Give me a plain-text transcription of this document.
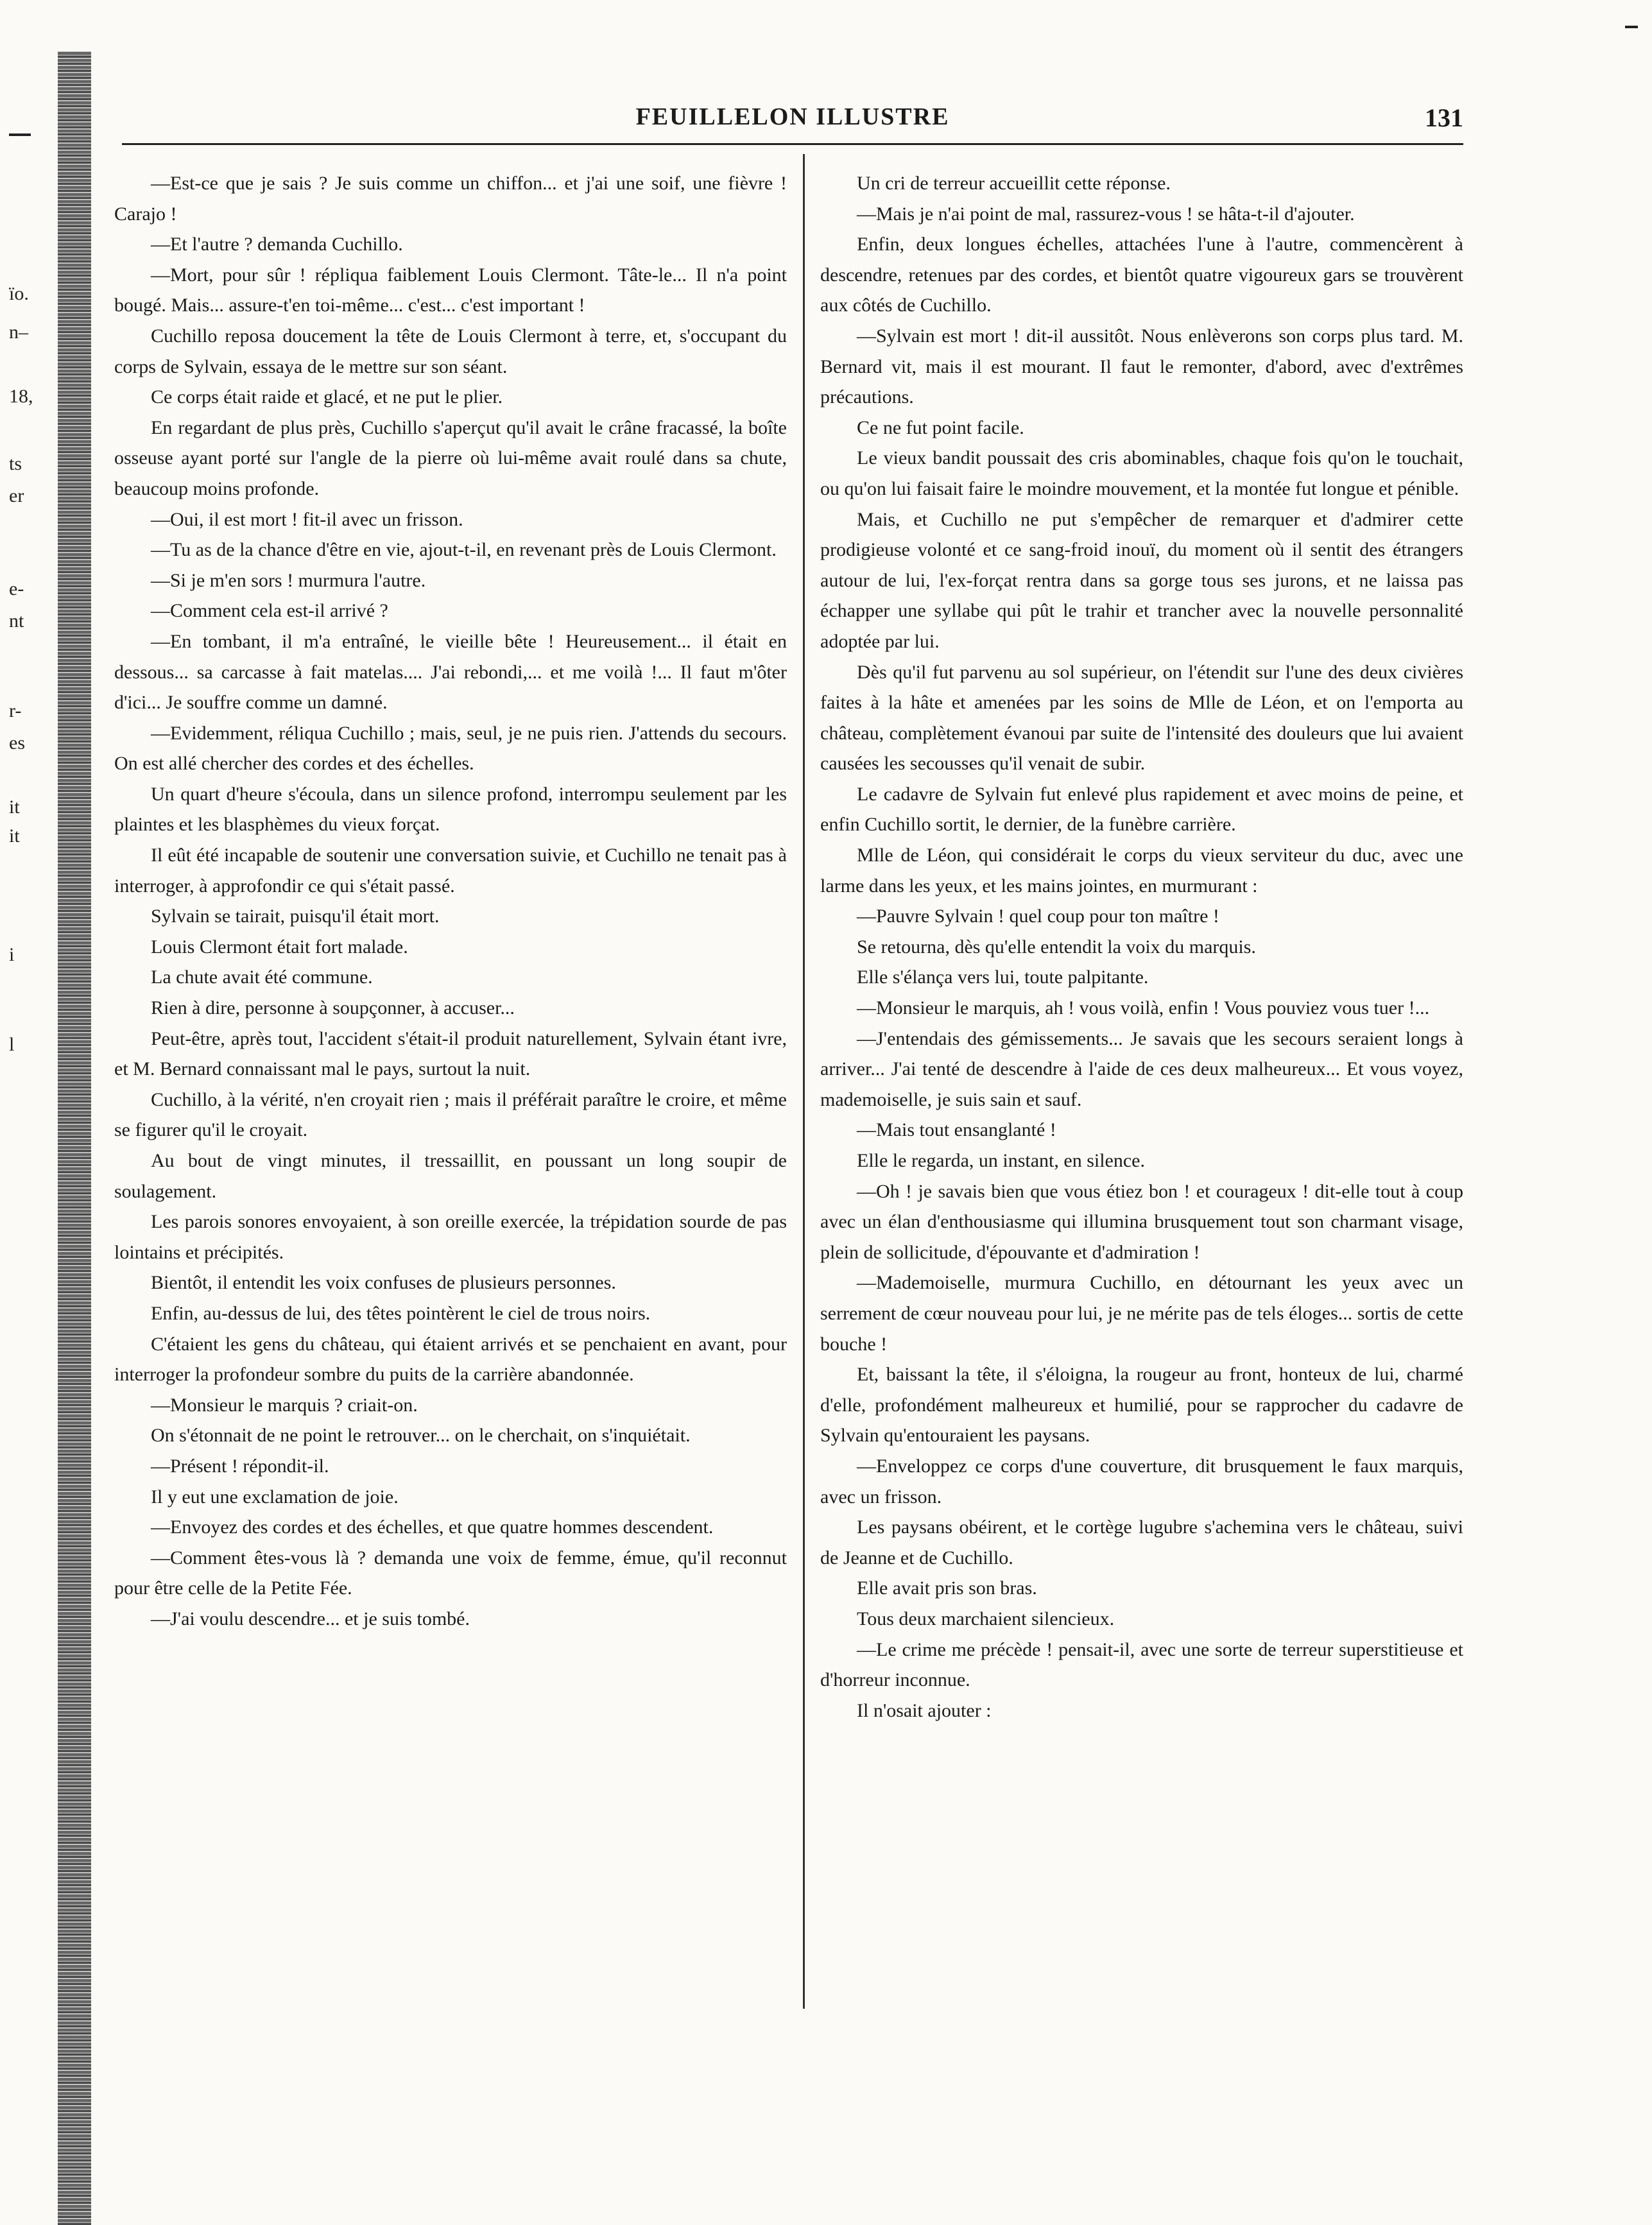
ïo.
n–
18,
ts
er
e-
nt
r-
es
it
it
i
l
FEUILLELON ILLUSTRE	131

—Est-ce que je sais ? Je suis comme un chiffon... et j'ai une soif, une fièvre ! Carajo !

—Et l'autre ? demanda Cuchillo.

—Mort, pour sûr ! répliqua faiblement Louis Clermont. Tâte-le... Il n'a point bougé. Mais... assure-t'en toi-même... c'est... c'est important !

Cuchillo reposa doucement la tête de Louis Clermont à terre, et, s'occupant du corps de Sylvain, essaya de le mettre sur son séant.

Ce corps était raide et glacé, et ne put le plier.

En regardant de plus près, Cuchillo s'aperçut qu'il avait le crâne fracassé, la boîte osseuse ayant porté sur l'angle de la pierre où lui-même avait roulé dans sa chute, beaucoup moins profonde.

—Oui, il est mort ! fit-il avec un frisson.

—Tu as de la chance d'être en vie, ajout-t-il, en revenant près de Louis Clermont.

—Si je m'en sors ! murmura l'autre.

—Comment cela est-il arrivé ?

—En tombant, il m'a entraîné, le vieille bête ! Heureusement... il était en dessous... sa carcasse à fait matelas.... J'ai rebondi,... et me voilà !... Il faut m'ôter d'ici... Je souffre comme un damné.

—Evidemment, réliqua Cuchillo ; mais, seul, je ne puis rien. J'attends du secours. On est allé chercher des cordes et des échelles.

Un quart d'heure s'écoula, dans un silence profond, interrompu seulement par les plaintes et les blasphèmes du vieux forçat.

Il eût été incapable de soutenir une conversation suivie, et Cuchillo ne tenait pas à interroger, à approfondir ce qui s'était passé.

Sylvain se tairait, puisqu'il était mort.

Louis Clermont était fort malade.

La chute avait été commune.

Rien à dire, personne à soupçonner, à accuser...

Peut-être, après tout, l'accident s'était-il produit naturellement, Sylvain étant ivre, et M. Bernard connaissant mal le pays, surtout la nuit.

Cuchillo, à la vérité, n'en croyait rien ; mais il préférait paraître le croire, et même se figurer qu'il le croyait.

Au bout de vingt minutes, il tressaillit, en poussant un long soupir de soulagement.

Les parois sonores envoyaient, à son oreille exercée, la trépidation sourde de pas lointains et précipités.

Bientôt, il entendit les voix confuses de plusieurs personnes.

Enfin, au-dessus de lui, des têtes pointèrent le ciel de trous noirs.

C'étaient les gens du château, qui étaient arrivés et se penchaient en avant, pour interroger la profondeur sombre du puits de la carrière abandonnée.

—Monsieur le marquis ? criait-on.

On s'étonnait de ne point le retrouver... on le cherchait, on s'inquiétait.

—Présent ! répondit-il.

Il y eut une exclamation de joie.

—Envoyez des cordes et des échelles, et que quatre hommes descendent.

—Comment êtes-vous là ? demanda une voix de femme, émue, qu'il reconnut pour être celle de la Petite Fée.

—J'ai voulu descendre... et je suis tombé.

Un cri de terreur accueillit cette réponse.

—Mais je n'ai point de mal, rassurez-vous ! se hâta-t-il d'ajouter.

Enfin, deux longues échelles, attachées l'une à l'autre, commencèrent à descendre, retenues par des cordes, et bientôt quatre vigoureux gars se trouvèrent aux côtés de Cuchillo.

—Sylvain est mort ! dit-il aussitôt. Nous enlèverons son corps plus tard. M. Bernard vit, mais il est mourant. Il faut le remonter, d'abord, avec d'extrêmes précautions.

Ce ne fut point facile.

Le vieux bandit poussait des cris abominables, chaque fois qu'on le touchait, ou qu'on lui faisait faire le moindre mouvement, et la montée fut longue et pénible.

Mais, et Cuchillo ne put s'empêcher de remarquer et d'admirer cette prodigieuse volonté et ce sang-froid inouï, du moment où il sentit des étrangers autour de lui, l'ex-forçat rentra dans sa gorge tous ses jurons, et ne laissa pas échapper une syllabe qui pût le trahir et trancher avec la nouvelle personnalité adoptée par lui.

Dès qu'il fut parvenu au sol supérieur, on l'étendit sur l'une des deux civières faites à la hâte et amenées par les soins de Mlle de Léon, et on l'emporta au château, complètement évanoui par suite de l'intensité des douleurs que lui avaient causées les secousses qu'il venait de subir.

Le cadavre de Sylvain fut enlevé plus rapidement et avec moins de peine, et enfin Cuchillo sortit, le dernier, de la funèbre carrière.

Mlle de Léon, qui considérait le corps du vieux serviteur du duc, avec une larme dans les yeux, et les mains jointes, en murmurant :

—Pauvre Sylvain ! quel coup pour ton maître !

Se retourna, dès qu'elle entendit la voix du marquis.

Elle s'élança vers lui, toute palpitante.

—Monsieur le marquis, ah ! vous voilà, enfin ! Vous pouviez vous tuer !...

—J'entendais des gémissements... Je savais que les secours seraient longs à arriver... J'ai tenté de descendre à l'aide de ces deux malheureux... Et vous voyez, mademoiselle, je suis sain et sauf.

—Mais tout ensanglanté !

Elle le regarda, un instant, en silence.

—Oh ! je savais bien que vous étiez bon ! et courageux ! dit-elle tout à coup avec un élan d'enthousiasme qui illumina brusquement tout son charmant visage, plein de sollicitude, d'épouvante et d'admiration !

—Mademoiselle, murmura Cuchillo, en détournant les yeux avec un serrement de cœur nouveau pour lui, je ne mérite pas de tels éloges... sortis de cette bouche !

Et, baissant la tête, il s'éloigna, la rougeur au front, honteux de lui, charmé d'elle, profondément malheureux et humilié, pour se rapprocher du cadavre de Sylvain qu'entouraient les paysans.

—Enveloppez ce corps d'une couverture, dit brusquement le faux marquis, avec un frisson.

Les paysans obéirent, et le cortège lugubre s'achemina vers le château, suivi de Jeanne et de Cuchillo.

Elle avait pris son bras.

Tous deux marchaient silencieux.

—Le crime me précède ! pensait-il, avec une sorte de terreur superstitieuse et d'horreur inconnue.

Il n'osait ajouter :
